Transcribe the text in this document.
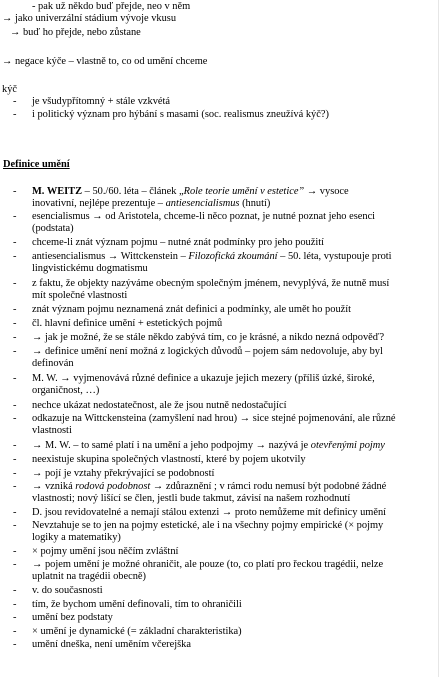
- pak už někdo buď přejde, neo v něm
→ jako univerzální stádium vývoje vkusu
→ buď ho přejde, nebo zůstane
→ negace kýče – vlastně to, co od umění chceme
kýč
- je všudypřítomný + stále vzkvétá
- i politický význam pro hýbání s masami (soc. realismus zneužívá kýč?)
Definice umění
- M. WEITZ – 50./60. léta – článek „Role teorie umění v estetice” → vysoce
inovativní, nejlépe prezentuje – antiesencialismus (hnutí)
- esencialismus → od Aristotela, chceme-li něco poznat, je nutné poznat jeho esenci
(podstata)
- chceme-li znát význam pojmu – nutné znát podmínky pro jeho použití
- antiesencialismus → Wittckenstein – Filozofická zkoumání – 50. léta, vystupouje proti
lingvistickému dogmatismu
- z faktu, že objekty nazýváme obecným společným jménem, nevyplývá, že nutně musí
mít společné vlastnosti
- znát význam pojmu neznamená znát definici a podmínky, ale umět ho použít
- čl. hlavní definice umění + estetických pojmů
- → jak je možné, že se stále někdo zabývá tím, co je krásné, a nikdo nezná odpověď?
- → definice umění není možná z logických důvodů – pojem sám nedovoluje, aby byl
definován
- M. W. → vyjmenovává různé definice a ukazuje jejich mezery (příliš úzké, široké,
organičnost, …)
- nechce ukázat nedostatečnost, ale že jsou nutně nedostačující
- odkazuje na Wittckensteina (zamyšlení nad hrou) → sice stejné pojmenování, ale různé
vlastnosti
- → M. W. – to samé platí i na umění a jeho podpojmy → nazývá je otevřenými pojmy
- neexistuje skupina společných vlastností, které by pojem ukotvily
- → pojí je vztahy překrývající se podobností
- → vzniká rodová podobnost → zdůraznění ; v rámci rodu nemusí být podobné žádné
vlastnosti; nový lišící se člen, jestli bude takmut, závisí na našem rozhodnutí
- D. jsou revidovatelné a nemají stálou extenzi → proto nemůžeme mít definicy umění
- Nevztahuje se to jen na pojmy estetické, ale i na všechny pojmy empirické (× pojmy
logiky a matematiky)
- × pojmy umění jsou něčím zvláštní
- → pojem umění je možné ohraničit, ale pouze (to, co platí pro řeckou tragédii, nelze
uplatnit na tragédii obecně)
- v. do současnosti
- tím, že bychom umění definovali, tím to ohraničili
- umění bez podstaty
- × umění je dynamické (= základní charakteristika)
- umění dneška, není uměním včerejška
